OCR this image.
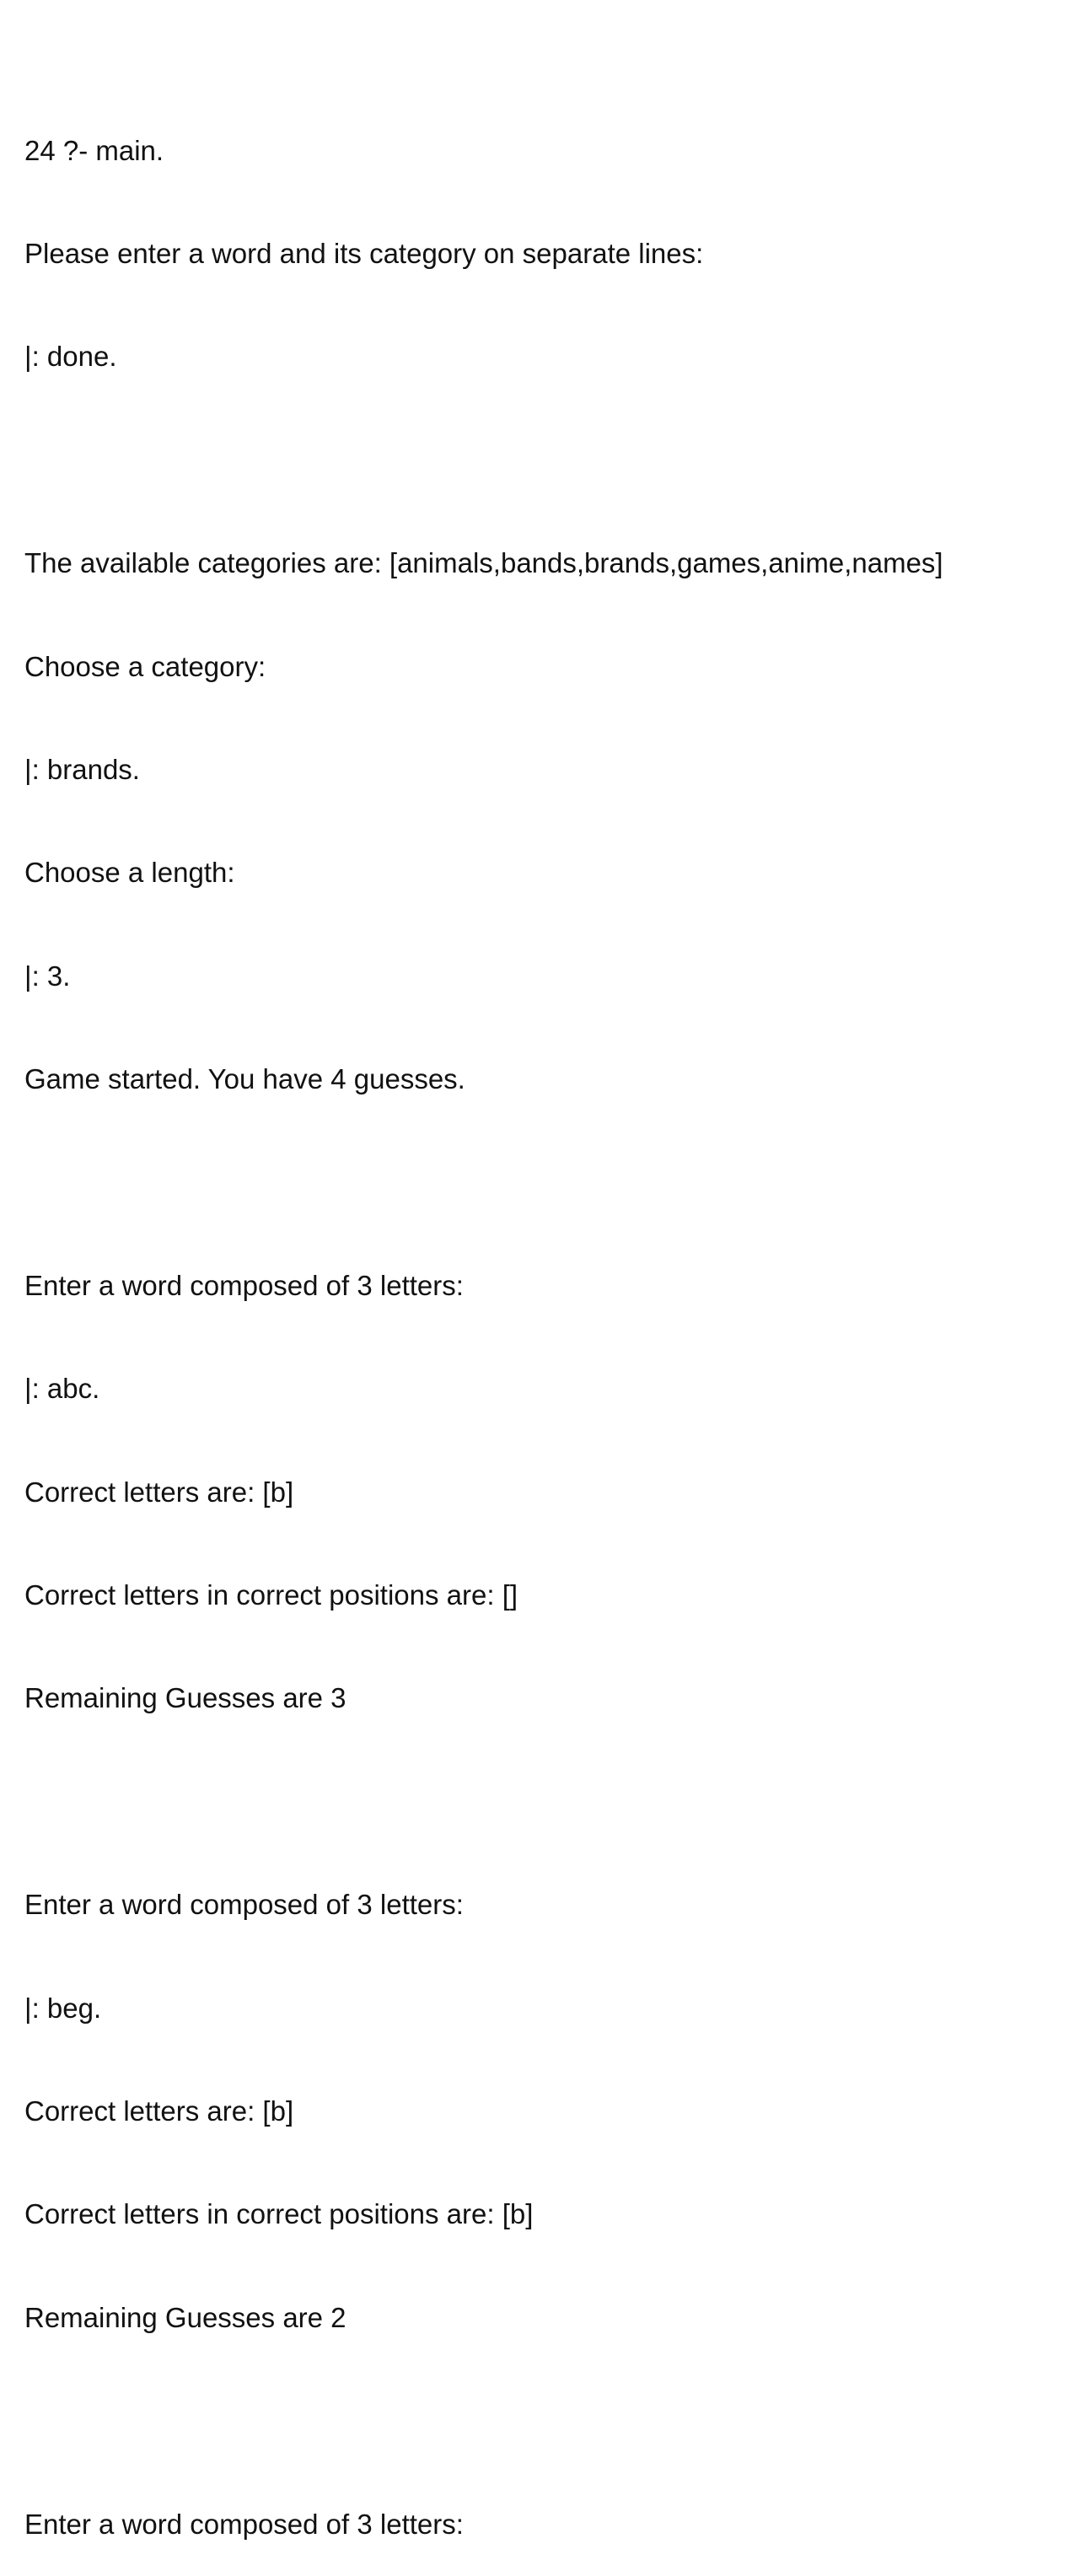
24 ?- main.

Please enter a word and its category on separate lines:

|: done.

The available categories are: [animals,bands,brands,games,anime,names]

Choose a category:

|: brands.

Choose a length:

|: 3.

Game started. You have 4 guesses.

Enter a word composed of 3 letters:

|: abc.

Correct letters are: [b]

Correct letters in correct positions are: []

Remaining Guesses are 3

Enter a word composed of 3 letters:

|: beg.

Correct letters are: [b]

Correct letters in correct positions are: [b]

Remaining Guesses are 2

Enter a word composed of 3 letters:
